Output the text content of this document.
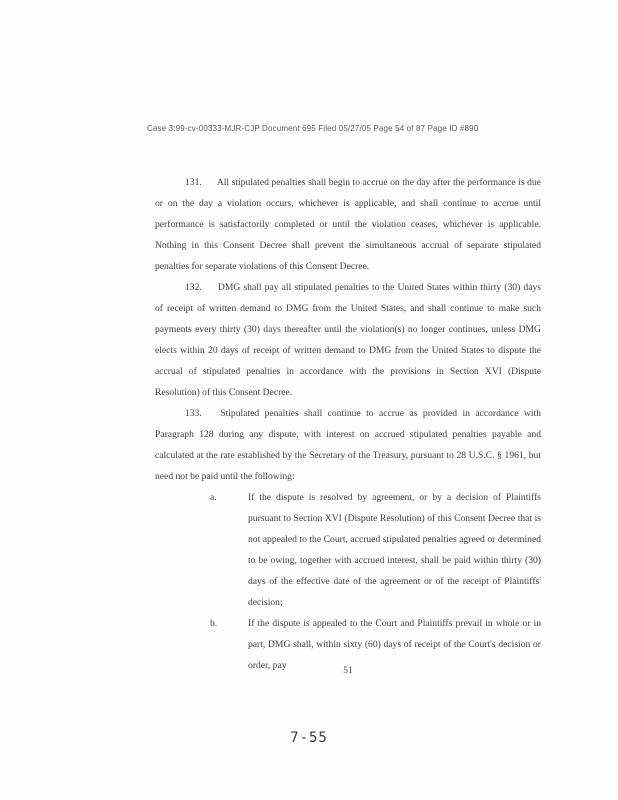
Case 3:99-cv-00333-MJR-CJP Document 695 Filed 05/27/05 Page 54 of 87 Page ID #890

131. All stipulated penalties shall begin to accrue on the day after the performance is due or on the day a violation occurs, whichever is applicable, and shall continue to accrue until performance is satisfactorily completed or until the violation ceases, whichever is applicable. Nothing in this Consent Decree shall prevent the simultaneous accrual of separate stipulated penalties for separate violations of this Consent Decree.

132. DMG shall pay all stipulated penalties to the United States within thirty (30) days of receipt of written demand to DMG from the United States, and shall continue to make such payments every thirty (30) days thereafter until the violation(s) no longer continues, unless DMG elects within 20 days of receipt of written demand to DMG from the United States to dispute the accrual of stipulated penalties in accordance with the provisions in Section XVI (Dispute Resolution) of this Consent Decree.

133. Stipulated penalties shall continue to accrue as provided in accordance with Paragraph 128 during any dispute, with interest on accrued stipulated penalties payable and calculated at the rate established by the Secretary of the Treasury, pursuant to 28 U.S.C. § 1961, but need not be paid until the following:

a.	If the dispute is resolved by agreement, or by a decision of Plaintiffs pursuant to Section XVI (Dispute Resolution) of this Consent Decree that is not appealed to the Court, accrued stipulated penalties agreed or determined to be owing, together with accrued interest, shall be paid within thirty (30) days of the effective date of the agreement or of the receipt of Plaintiffs' decision;
b.	If the dispute is appealed to the Court and Plaintiffs prevail in whole or in part, DMG shall, within sixty (60) days of receipt of the Court's decision or order, pay	51
7-55
